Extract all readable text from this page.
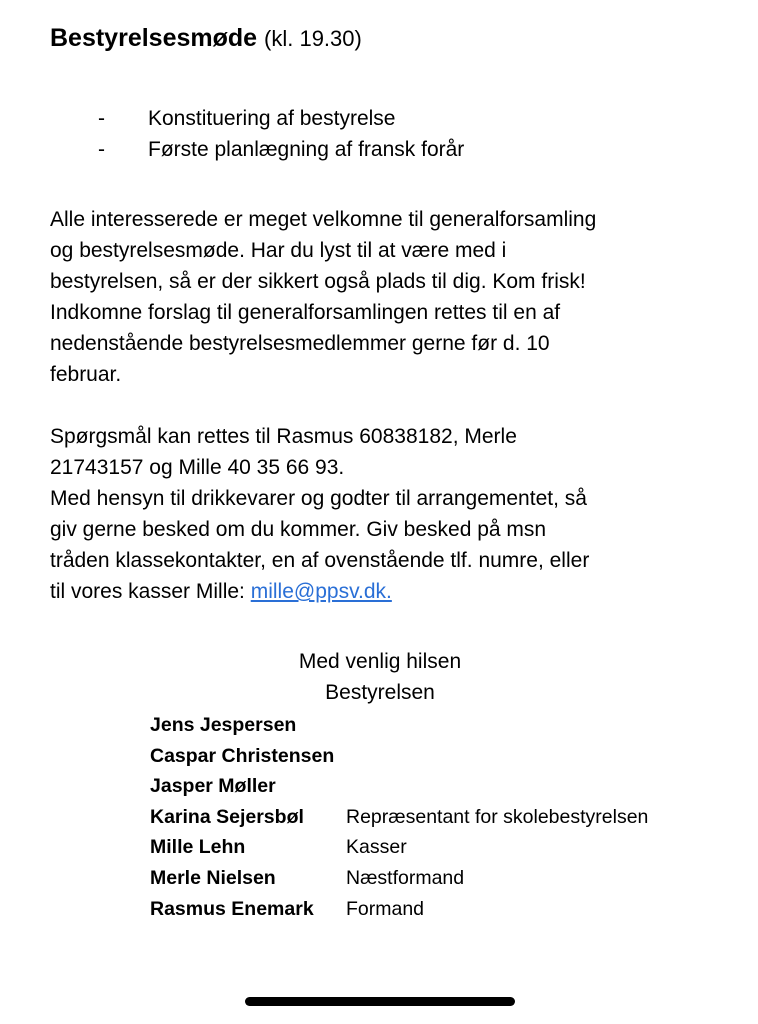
Bestyrelsesmøde (kl. 19.30)

- Konstituering af bestyrelse
- Første planlægning af fransk forår

Alle interesserede er meget velkomne til generalforsamling
og bestyrelsesmøde. Har du lyst til at være med i
bestyrelsen, så er der sikkert også plads til dig. Kom frisk!
Indkomne forslag til generalforsamlingen rettes til en af
nedenstående bestyrelsesmedlemmer gerne før d. 10
februar.

Spørgsmål kan rettes til Rasmus 60838182, Merle
21743157 og Mille 40 35 66 93.
Med hensyn til drikkevarer og godter til arrangementet, så
giv gerne besked om du kommer. Giv besked på msn
tråden klassekontakter, en af ovenstående tlf. numre, eller
til vores kasser Mille: mille@ppsv.dk.

Med venlig hilsen
Bestyrelsen
Jens Jespersen	
Caspar Christensen	
Jasper Møller	
Karina Sejersbøl	Repræsentant for skolebestyrelsen
Mille Lehn	Kasser
Merle Nielsen	Næstformand
Rasmus Enemark	Formand
